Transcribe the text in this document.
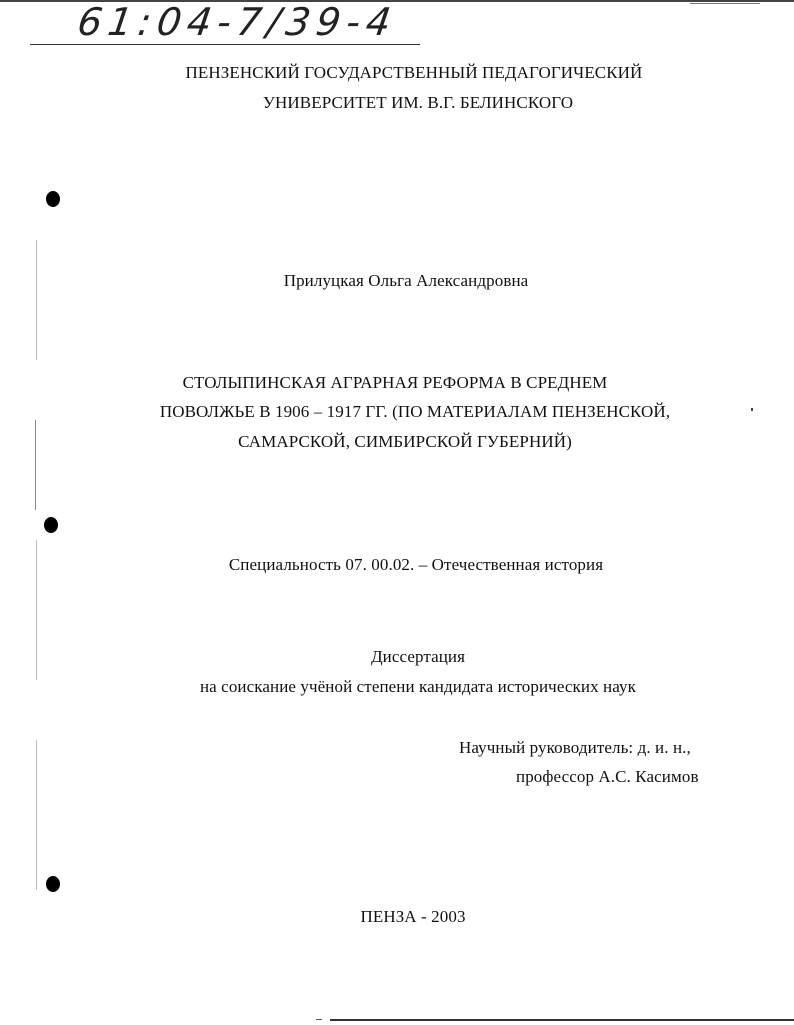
61:04-7/39-4
ПЕНЗЕНСКИЙ ГОСУДАРСТВЕННЫЙ ПЕДАГОГИЧЕСКИЙ
УНИВЕРСИТЕТ ИМ. В.Г. БЕЛИНСКОГО
Прилуцкая Ольга Александровна
СТОЛЫПИНСКАЯ АГРАРНАЯ РЕФОРМА В СРЕДНЕМ
ПОВОЛЖЬЕ В 1906 – 1917 ГГ. (ПО МАТЕРИАЛАМ ПЕНЗЕНСКОЙ,
САМАРСКОЙ, СИМБИРСКОЙ ГУБЕРНИЙ)
Специальность 07. 00.02. – Отечественная история
Диссертация
на соискание учёной степени кандидата исторических наук
Научный руководитель: д. и. н.,
профессор А.С. Касимов
ПЕНЗА - 2003
